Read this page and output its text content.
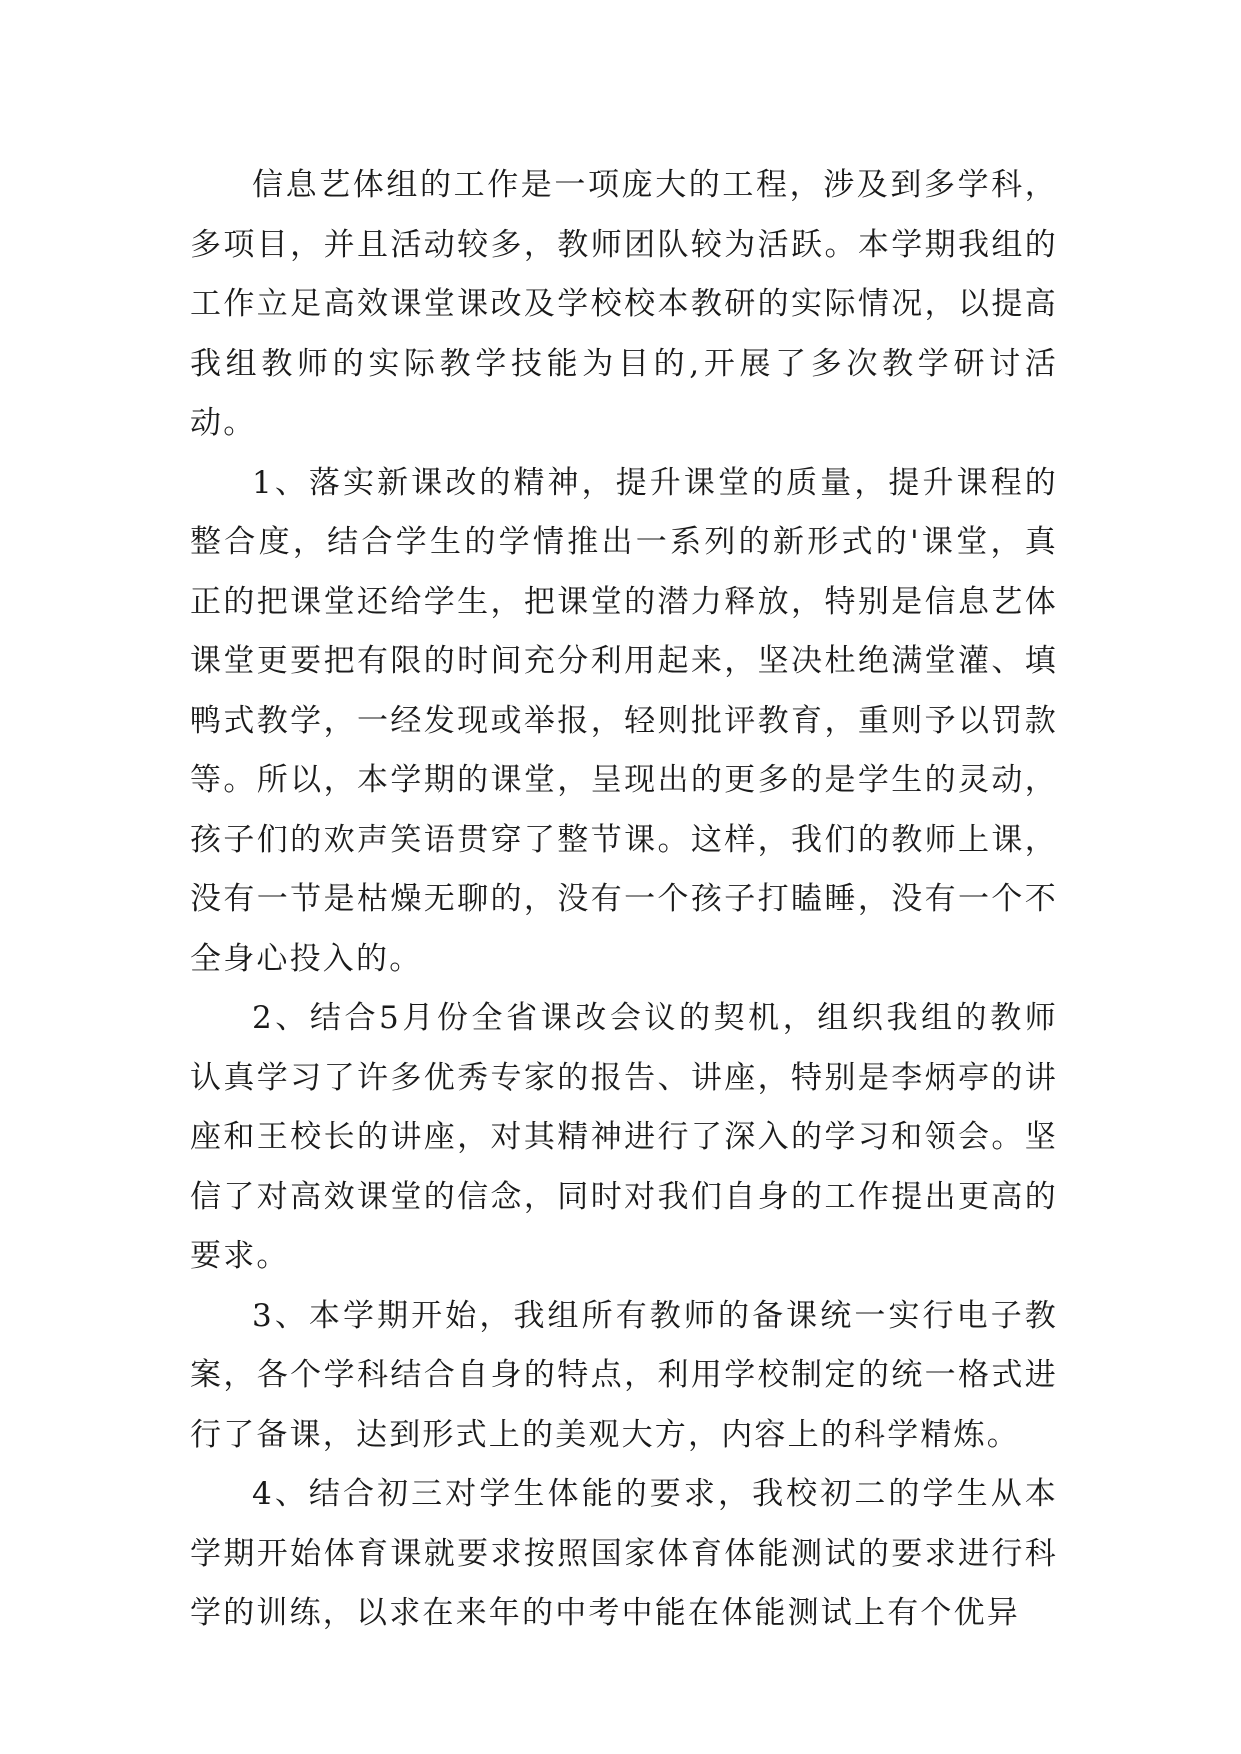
信息艺体组的工作是一项庞大的工程，涉及到多学科，多项目，并且活动较多，教师团队较为活跃。本学期我组的工作立足高效课堂课改及学校校本教研的实际情况，以提高我组教师的实际教学技能为目的,开展了多次教学研讨活动。

1、落实新课改的精神，提升课堂的质量，提升课程的整合度，结合学生的学情推出一系列的新形式的'课堂，真正的把课堂还给学生，把课堂的潜力释放，特别是信息艺体课堂更要把有限的时间充分利用起来，坚决杜绝满堂灌、填鸭式教学，一经发现或举报，轻则批评教育，重则予以罚款等。所以，本学期的课堂，呈现出的更多的是学生的灵动，孩子们的欢声笑语贯穿了整节课。这样，我们的教师上课，没有一节是枯燥无聊的，没有一个孩子打瞌睡，没有一个不全身心投入的。

2、结合5月份全省课改会议的契机，组织我组的教师认真学习了许多优秀专家的报告、讲座，特别是李炳亭的讲座和王校长的讲座，对其精神进行了深入的学习和领会。坚信了对高效课堂的信念，同时对我们自身的工作提出更高的要求。

3、本学期开始，我组所有教师的备课统一实行电子教案，各个学科结合自身的特点，利用学校制定的统一格式进行了备课，达到形式上的美观大方，内容上的科学精炼。

4、结合初三对学生体能的要求，我校初二的学生从本学期开始体育课就要求按照国家体育体能测试的要求进行科学的训练，以求在来年的中考中能在体能测试上有个优异
